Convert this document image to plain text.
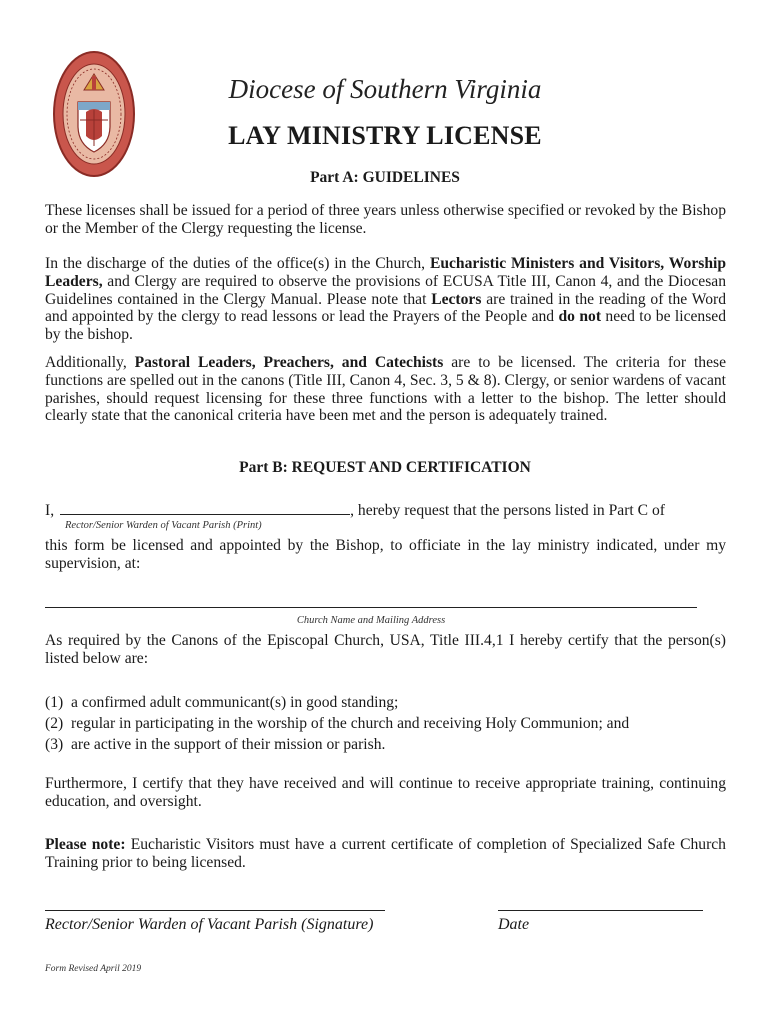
Diocese of Southern Virginia
LAY MINISTRY LICENSE
Part A: GUIDELINES
These licenses shall be issued for a period of three years unless otherwise specified or revoked by the Bishop or the Member of the Clergy requesting the license.
In the discharge of the duties of the office(s) in the Church, Eucharistic Ministers and Visitors, Worship Leaders, and Clergy are required to observe the provisions of ECUSA Title III, Canon 4, and the Diocesan Guidelines contained in the Clergy Manual. Please note that Lectors are trained in the reading of the Word and appointed by the clergy to read lessons or lead the Prayers of the People and do not need to be licensed by the bishop.
Additionally, Pastoral Leaders, Preachers, and Catechists are to be licensed. The criteria for these functions are spelled out in the canons (Title III, Canon 4, Sec. 3, 5 & 8). Clergy, or senior wardens of vacant parishes, should request licensing for these three functions with a letter to the bishop. The letter should clearly state that the canonical criteria have been met and the person is adequately trained.
Part B: REQUEST AND CERTIFICATION
I,	, hereby request that the persons listed in Part C of
Rector/Senior Warden of Vacant Parish (Print)
this form be licensed and appointed by the Bishop, to officiate in the lay ministry indicated, under my supervision, at:
Church Name and Mailing Address
As required by the Canons of the Episcopal Church, USA, Title III.4,1 I hereby certify that the person(s) listed below are:
(1) a confirmed adult communicant(s) in good standing;
(2) regular in participating in the worship of the church and receiving Holy Communion; and
(3) are active in the support of their mission or parish.
Furthermore, I certify that they have received and will continue to receive appropriate training, continuing education, and oversight.
Please note: Eucharistic Visitors must have a current certificate of completion of Specialized Safe Church Training prior to being licensed.
Rector/Senior Warden of Vacant Parish (Signature)	Date
Form Revised April 2019
